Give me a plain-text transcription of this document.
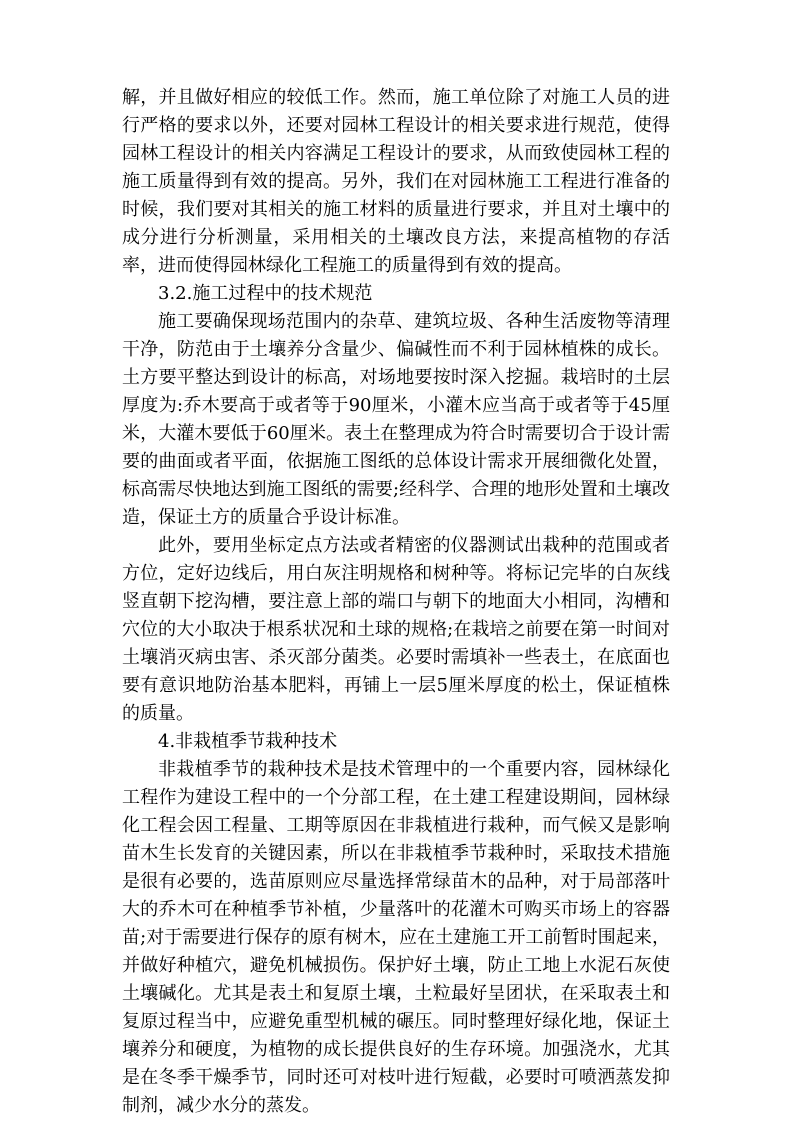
解，并且做好相应的较低工作。然而，施工单位除了对施工人员的进行严格的要求以外，还要对园林工程设计的相关要求进行规范，使得园林工程设计的相关内容满足工程设计的要求，从而致使园林工程的施工质量得到有效的提高。另外，我们在对园林施工工程进行准备的时候，我们要对其相关的施工材料的质量进行要求，并且对土壤中的成分进行分析测量，采用相关的土壤改良方法，来提高植物的存活率，进而使得园林绿化工程施工的质量得到有效的提高。

3.2.施工过程中的技术规范

施工要确保现场范围内的杂草、建筑垃圾、各种生活废物等清理干净，防范由于土壤养分含量少、偏碱性而不利于园林植株的成长。土方要平整达到设计的标高，对场地要按时深入挖掘。栽培时的土层厚度为:乔木要高于或者等于90厘米，小灌木应当高于或者等于45厘米，大灌木要低于60厘米。表土在整理成为符合时需要切合于设计需要的曲面或者平面，依据施工图纸的总体设计需求开展细微化处置，标高需尽快地达到施工图纸的需要;经科学、合理的地形处置和土壤改造，保证土方的质量合乎设计标准。

此外，要用坐标定点方法或者精密的仪器测试出栽种的范围或者方位，定好边线后，用白灰注明规格和树种等。将标记完毕的白灰线竖直朝下挖沟槽，要注意上部的端口与朝下的地面大小相同，沟槽和穴位的大小取决于根系状况和土球的规格;在栽培之前要在第一时间对土壤消灭病虫害、杀灭部分菌类。必要时需填补一些表土，在底面也要有意识地防治基本肥料，再铺上一层5厘米厚度的松土，保证植株的质量。

4.非栽植季节栽种技术

非栽植季节的栽种技术是技术管理中的一个重要内容，园林绿化工程作为建设工程中的一个分部工程，在土建工程建设期间，园林绿化工程会因工程量、工期等原因在非栽植进行栽种，而气候又是影响苗木生长发育的关键因素，所以在非栽植季节栽种时，采取技术措施是很有必要的，选苗原则应尽量选择常绿苗木的品种，对于局部落叶大的乔木可在种植季节补植，少量落叶的花灌木可购买市场上的容器苗;对于需要进行保存的原有树木，应在土建施工开工前暂时围起来，并做好种植穴，避免机械损伤。保护好土壤，防止工地上水泥石灰使土壤碱化。尤其是表土和复原土壤，土粒最好呈团状，在采取表土和复原过程当中，应避免重型机械的碾压。同时整理好绿化地，保证土壤养分和硬度，为植物的成长提供良好的生存环境。加强浇水，尤其是在冬季干燥季节，同时还可对枝叶进行短截，必要时可喷洒蒸发抑制剂，减少水分的蒸发。
